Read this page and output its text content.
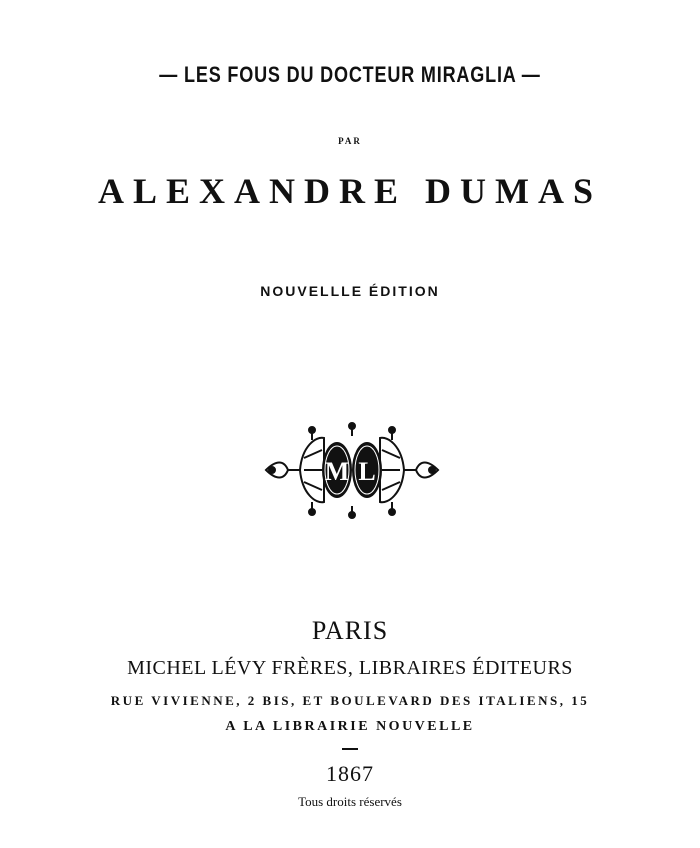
— LES FOUS DU DOCTEUR MIRAGLIA —
PAR
ALEXANDRE DUMAS
NOUVELLLE ÉDITION
M L
PARIS
MICHEL LÉVY FRÈRES, LIBRAIRES ÉDITEURS
RUE VIVIENNE, 2 BIS, ET BOULEVARD DES ITALIENS, 15
A LA LIBRAIRIE NOUVELLE
1867
Tous droits réservés
